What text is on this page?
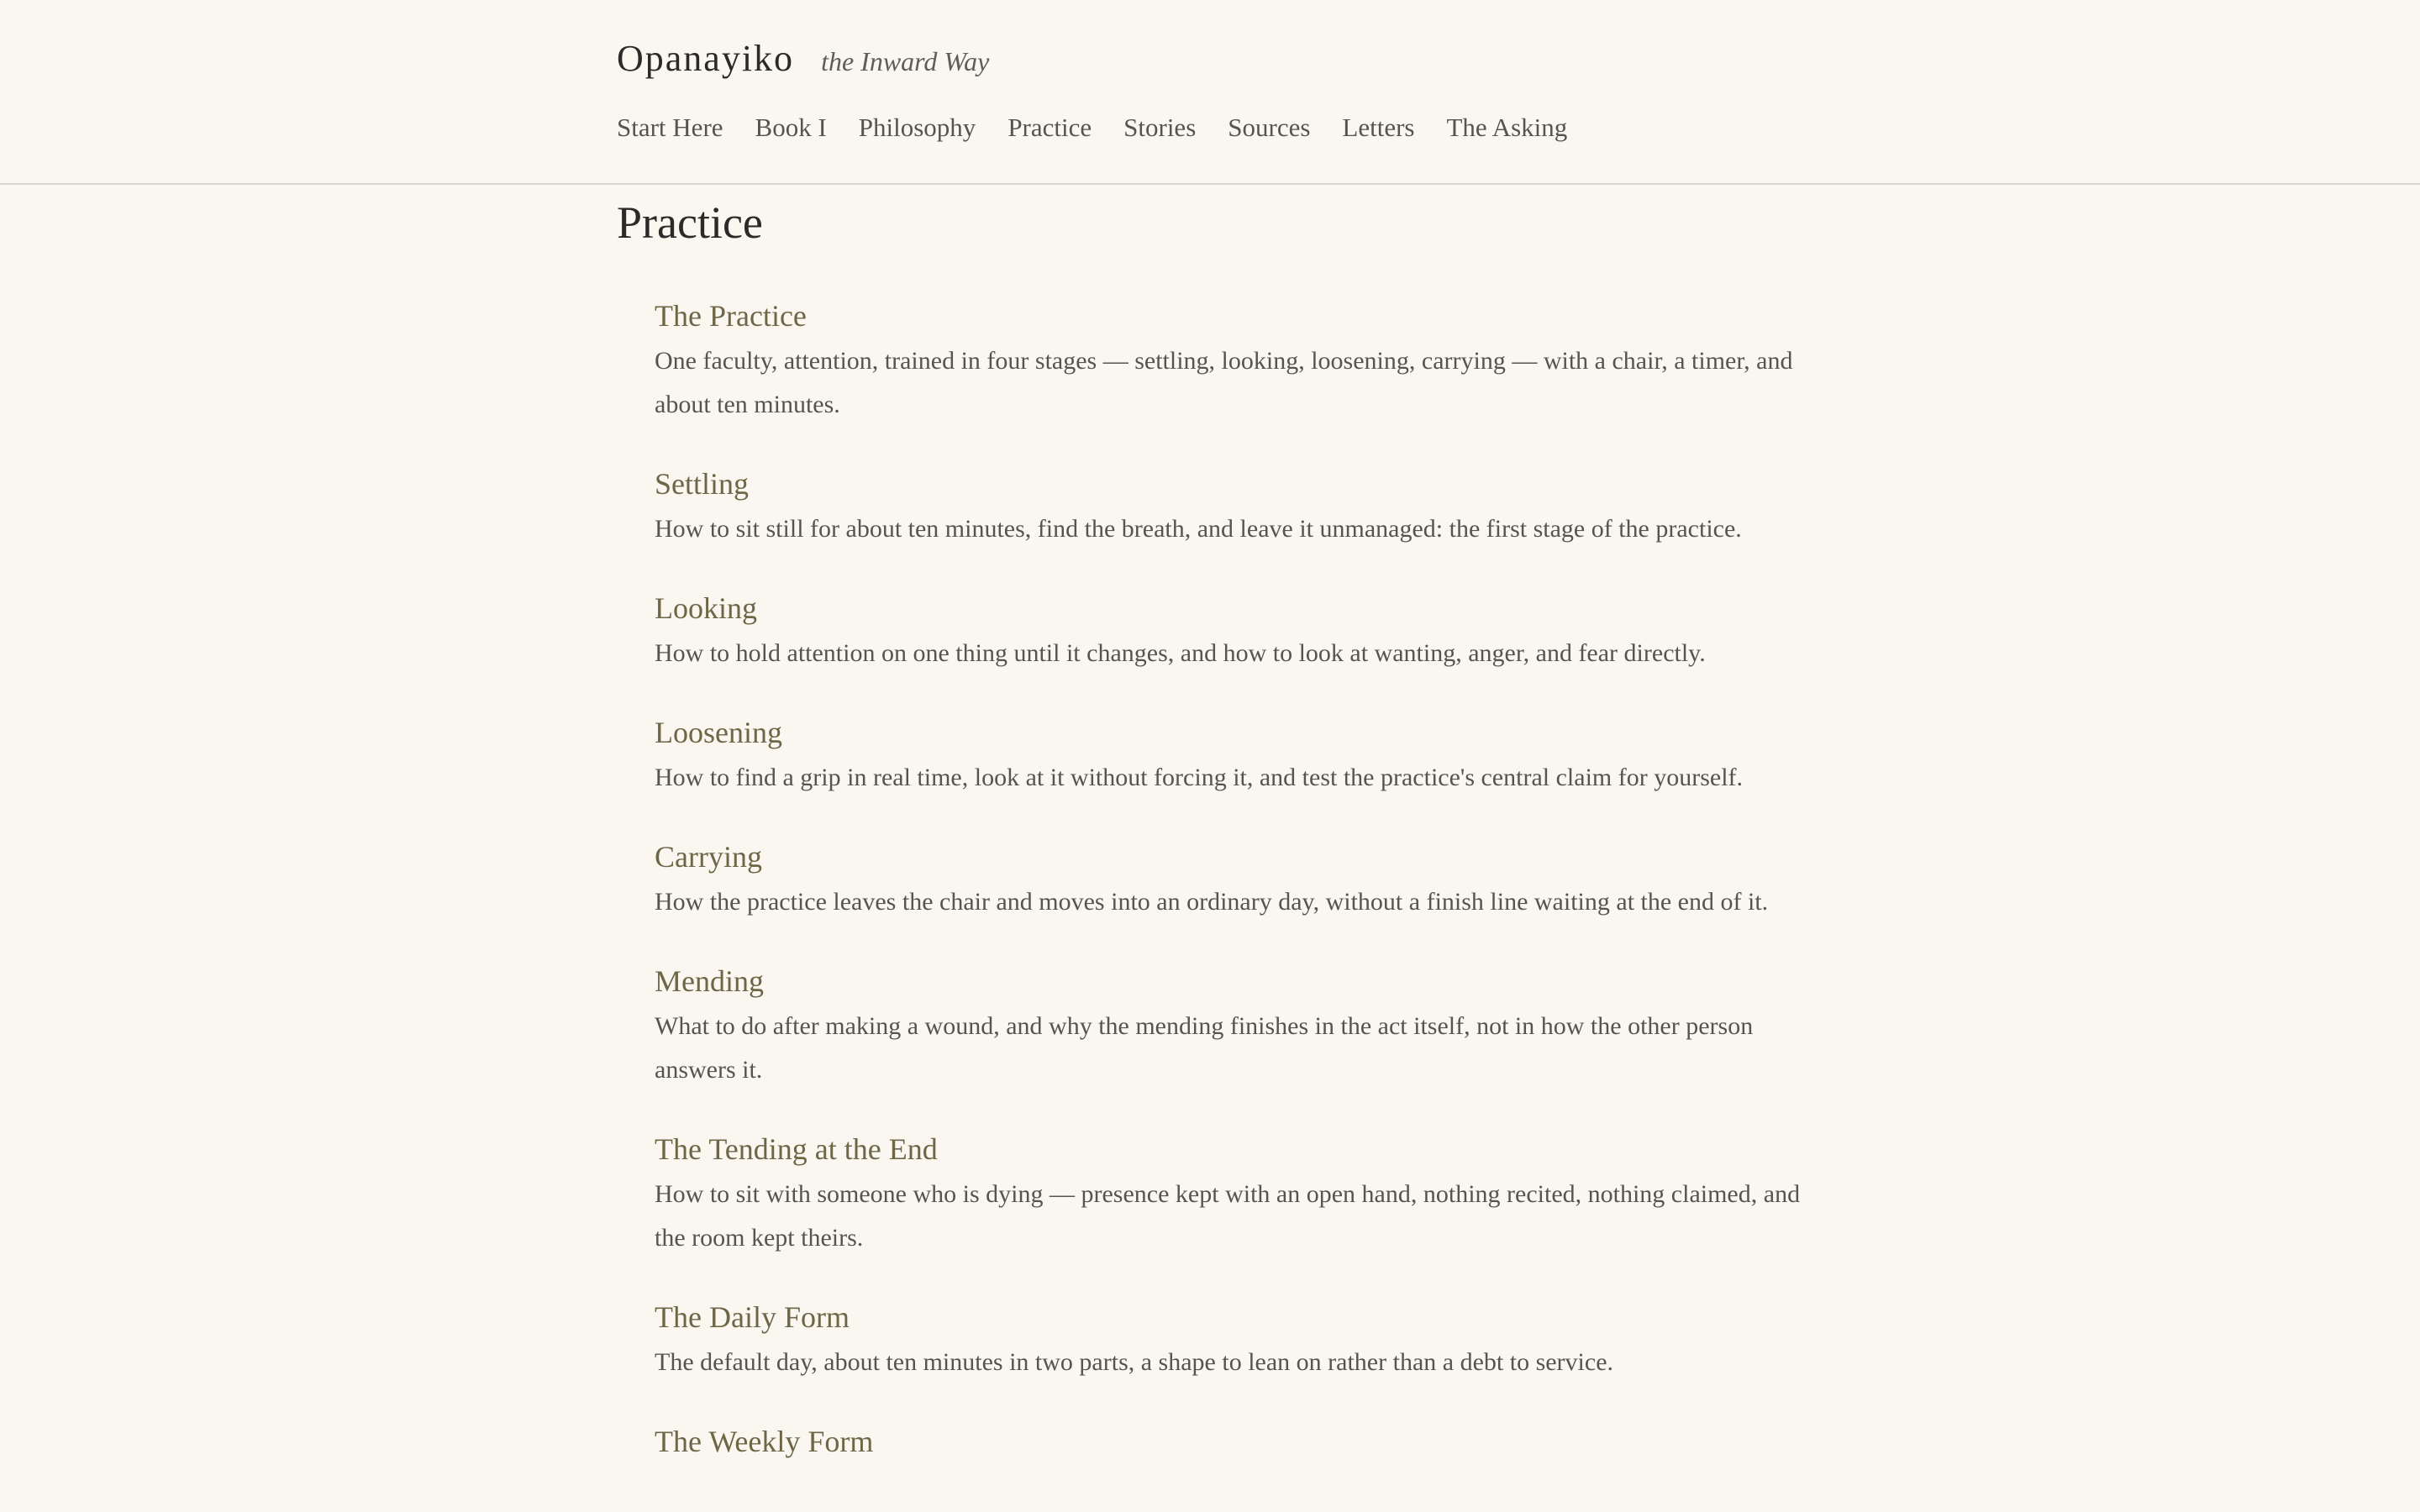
Opanayiko the Inward Way
Start Here Book I Philosophy Practice Stories Sources Letters The Asking
Practice
The Practice

One faculty, attention, trained in four stages — settling, looking, loosening, carrying — with a chair, a timer, and about ten minutes.

Settling

How to sit still for about ten minutes, find the breath, and leave it unmanaged: the first stage of the practice.

Looking

How to hold attention on one thing until it changes, and how to look at wanting, anger, and fear directly.

Loosening

How to find a grip in real time, look at it without forcing it, and test the practice's central claim for yourself.

Carrying

How the practice leaves the chair and moves into an ordinary day, without a finish line waiting at the end of it.

Mending

What to do after making a wound, and why the mending finishes in the act itself, not in how the other person answers it.

The Tending at the End

How to sit with someone who is dying — presence kept with an open hand, nothing recited, nothing claimed, and the room kept theirs.

The Daily Form

The default day, about ten minutes in two parts, a shape to lean on rather than a debt to service.

The Weekly Form
